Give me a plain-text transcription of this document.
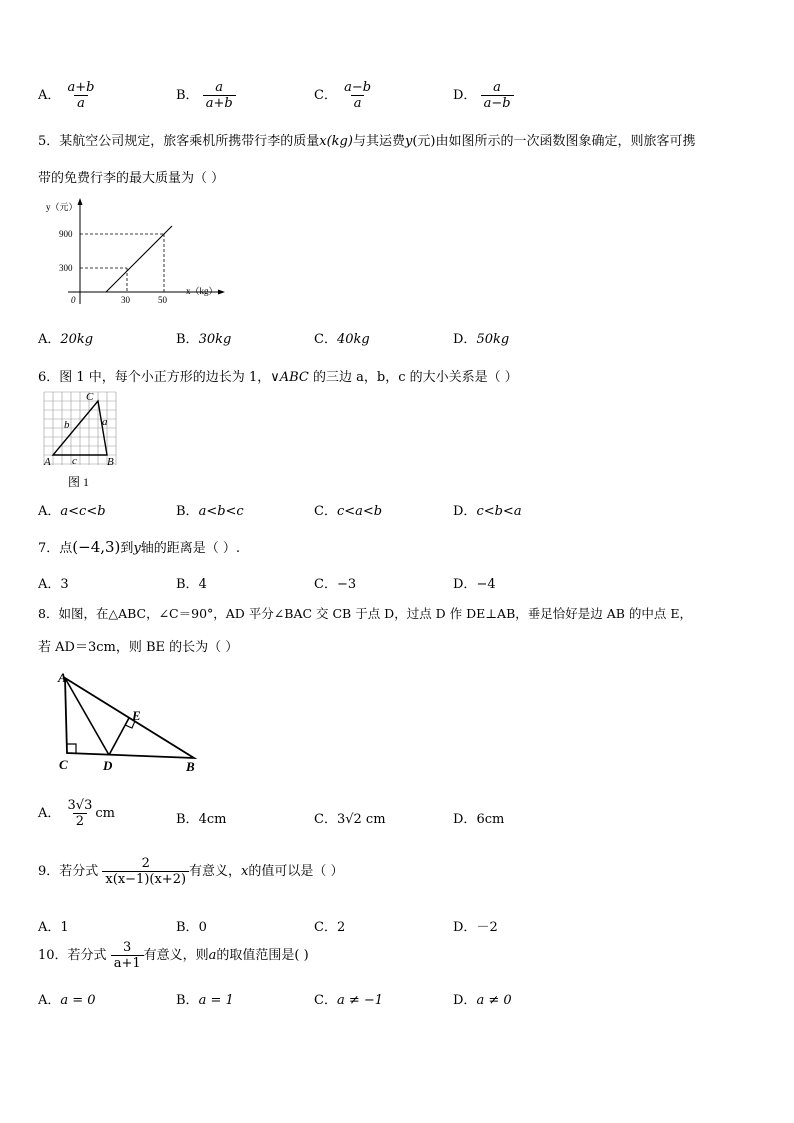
A． $\frac{a+b}{a}$	B． $\frac{a}{a+b}$	C． $\frac{a-b}{a}$	D． $\frac{a}{a-b}$
5．某航空公司规定，旅客乘机所携带行李的质量x(kg)与其运费y(元)由如图所示的一次函数图象确定，则旅客可携
带的免费行李的最大质量为（ ）
y（元）
x（kg）
900
300
30	50
0
A．20kg	B．30kg	C．40kg	D．50kg
6．图 1 中，每个小正方形的边长为 1，∨ABC 的三边 a，b，c 的大小关系是（ ）
A	B
C
a
b
c
图 1
A．a<c<b	B．a<b<c	C．c<a<b	D．c<b<a
7．点(−4,3)到y轴的距离是（ ）.
A．3	B．4	C．−3	D．−4
8．如图，在△ABC，∠C＝90°，AD 平分∠BAC 交 CB 于点 D，过点 D 作 DE⊥AB，垂足恰好是边 AB 的中点 E，
若 AD＝3cm，则 BE 的长为（ ）
A
C	D
E
B
A． $\frac{3√3}{2}$ cm	B．4cm	C．3√2 cm	D．6cm
9．若分式 $\frac{2}{x(x-1)(x+2)}$ 有意义，x的值可以是（ ）
A．1	B．0	C．2	D．－2
10．若分式 $\frac{3}{a+1}$ 有意义，则a的取值范围是( )
A．a = 0	B．a = 1	C．a ≠ −1	D．a ≠ 0
